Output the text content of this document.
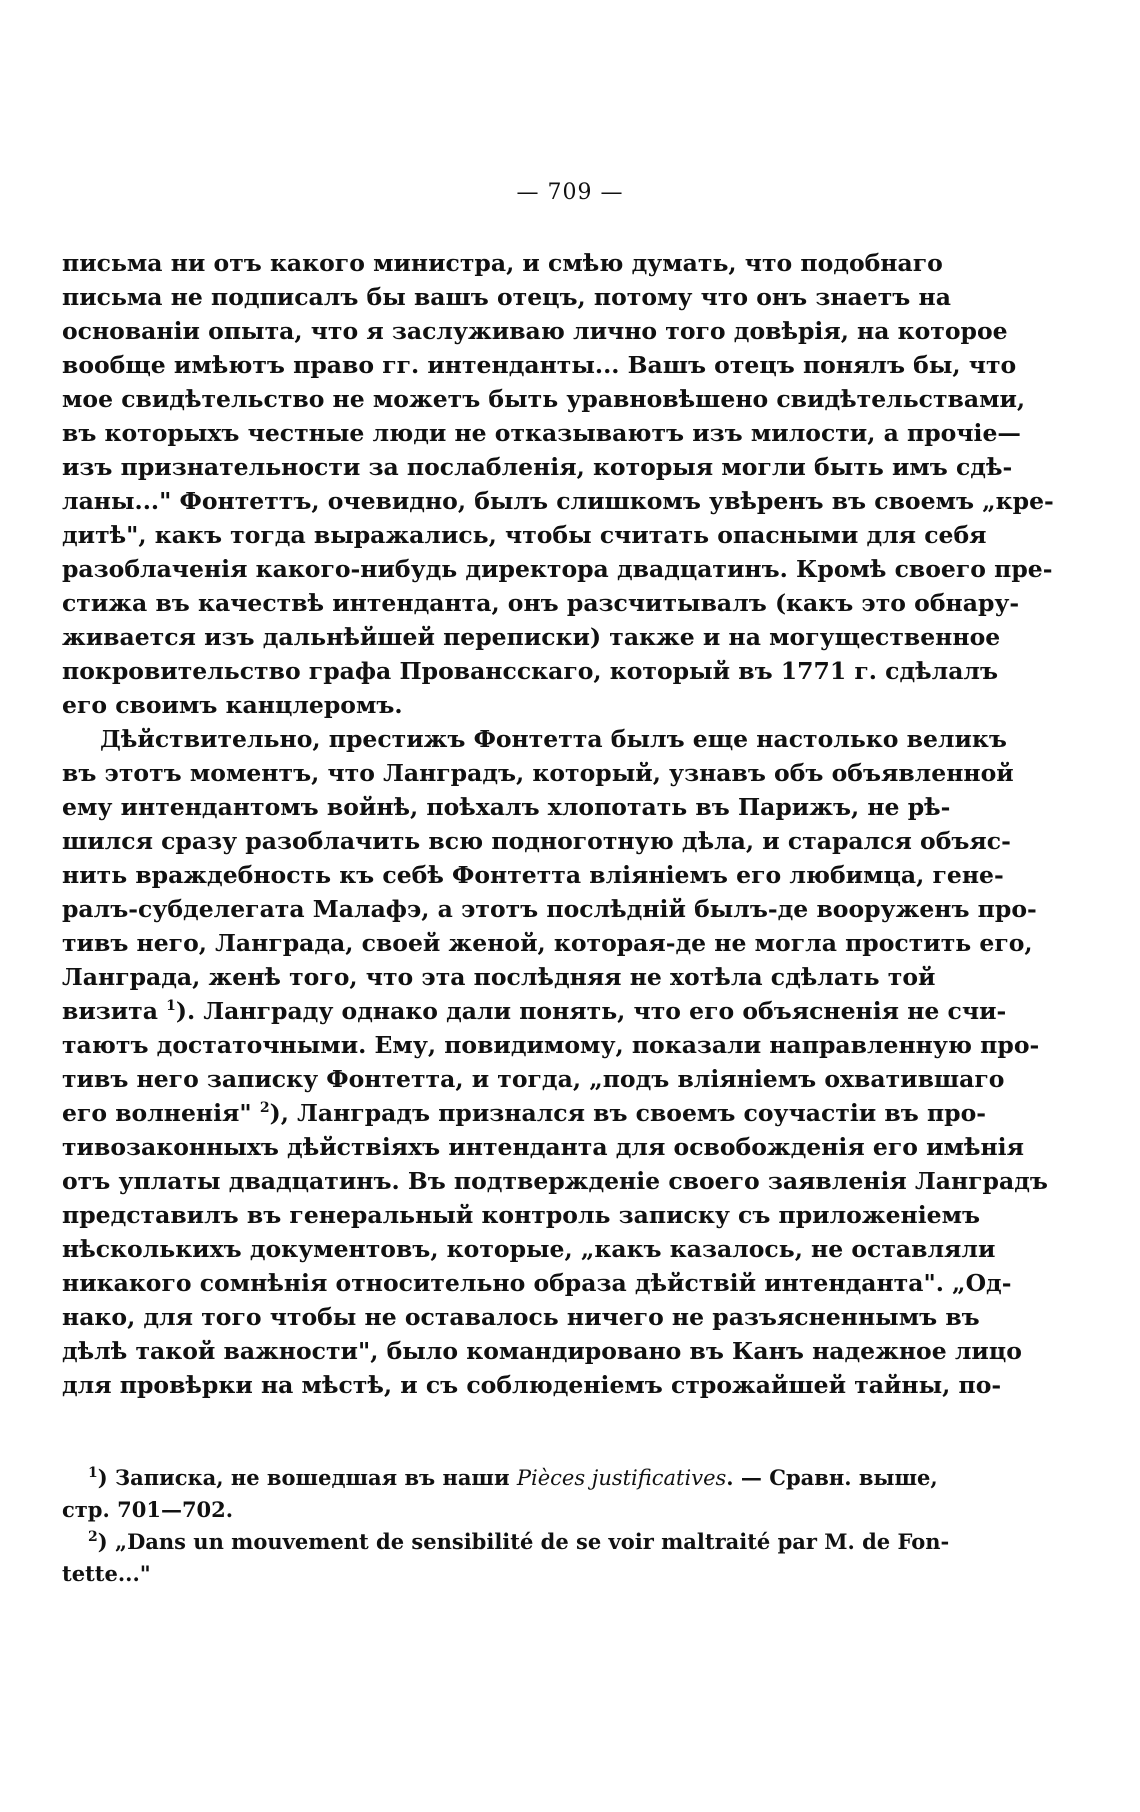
— 709 —
письма ни отъ какого министра, и смѣю думать, что подобнаго
письма не подписалъ бы вашъ отецъ, потому что онъ знаетъ на
основанiи опыта, что я заслуживаю лично того довѣрiя, на которое
вообще имѣютъ право гг. интенданты... Вашъ отецъ понялъ бы, что
мое свидѣтельство не можетъ быть уравновѣшено свидѣтельствами,
въ которыхъ честные люди не отказываютъ изъ милости, а прочiе—
изъ признательности за послабленiя, которыя могли быть имъ сдѣ-
ланы..." Фонтеттъ, очевидно, былъ слишкомъ увѣренъ въ своемъ „кре-
дитѣ", какъ тогда выражались, чтобы считать опасными для себя
разоблаченiя какого-нибудь директора двадцатинъ. Кромѣ своего пре-
стижа въ качествѣ интенданта, онъ разсчитывалъ (какъ это обнару-
живается изъ дальнѣйшей переписки) также и на могущественное
покровительство графа Провансскаго, который въ 1771 г. сдѣлалъ
его своимъ канцлеромъ.
Дѣйствительно, престижъ Фонтетта былъ еще настолько великъ
въ этотъ моментъ, что Ланградъ, который, узнавъ объ объявленной
ему интендантомъ войнѣ, поѣхалъ хлопотать въ Парижъ, не рѣ-
шился сразу разоблачить всю подноготную дѣла, и старался объяс-
нить враждебность къ себѣ Фонтетта влiянiемъ его любимца, гене-
ралъ-субделегата Малафэ, а этотъ послѣднiй былъ-де вооруженъ про-
тивъ него, Ланграда, своей женой, которая-де не могла простить его,
Ланграда, женѣ того, что эта послѣдняя не хотѣла сдѣлать той
визита $^1$). Ланграду однако дали понять, что его объясненiя не счи-
таютъ достаточными. Ему, повидимому, показали направленную про-
тивъ него записку Фонтетта, и тогда, „подъ влiянiемъ охватившаго
его волненiя" $^2$), Ланградъ признался въ своемъ соучастiи въ про-
тивозаконныхъ дѣйствiяхъ интенданта для освобожденiя его имѣнiя
отъ уплаты двадцатинъ. Въ подтвержденiе своего заявленiя Ланградъ
представилъ въ генеральный контроль записку съ приложенiемъ
нѣсколькихъ документовъ, которые, „какъ казалось, не оставляли
никакого сомнѣнiя относительно образа дѣйствiй интенданта". „Од-
нако, для того чтобы не оставалось ничего не разъясненнымъ въ
дѣлѣ такой важности", было командировано въ Канъ надежное лицо
для провѣрки на мѣстѣ, и съ соблюденiемъ строжайшей тайны, по-
$^1$) Записка, не вошедшая въ наши Pièces justificatives. — Сравн. выше,
стр. 701—702.
$^2$) „Dans un mouvement de sensibilité de se voir maltraité par M. de Fon-
tette..."
